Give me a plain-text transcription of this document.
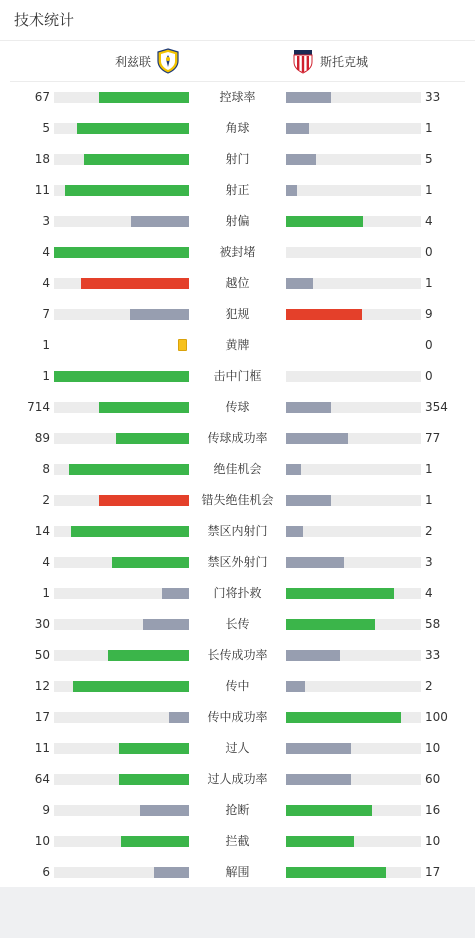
技术统计
利兹联	斯托克城
67	控球率	33
5	角球	1
18	射门	5
11	射正	1
3	射偏	4
4	被封堵	0
4	越位	1
7	犯规	9
1	黄牌	0
1	击中门框	0
714	传球	354
89	传球成功率	77
8	绝佳机会	1
2	错失绝佳机会	1
14	禁区内射门	2
4	禁区外射门	3
1	门将扑救	4
30	长传	58
50	长传成功率	33
12	传中	2
17	传中成功率	100
11	过人	10
64	过人成功率	60
9	抢断	16
10	拦截	10
6	解围	17
